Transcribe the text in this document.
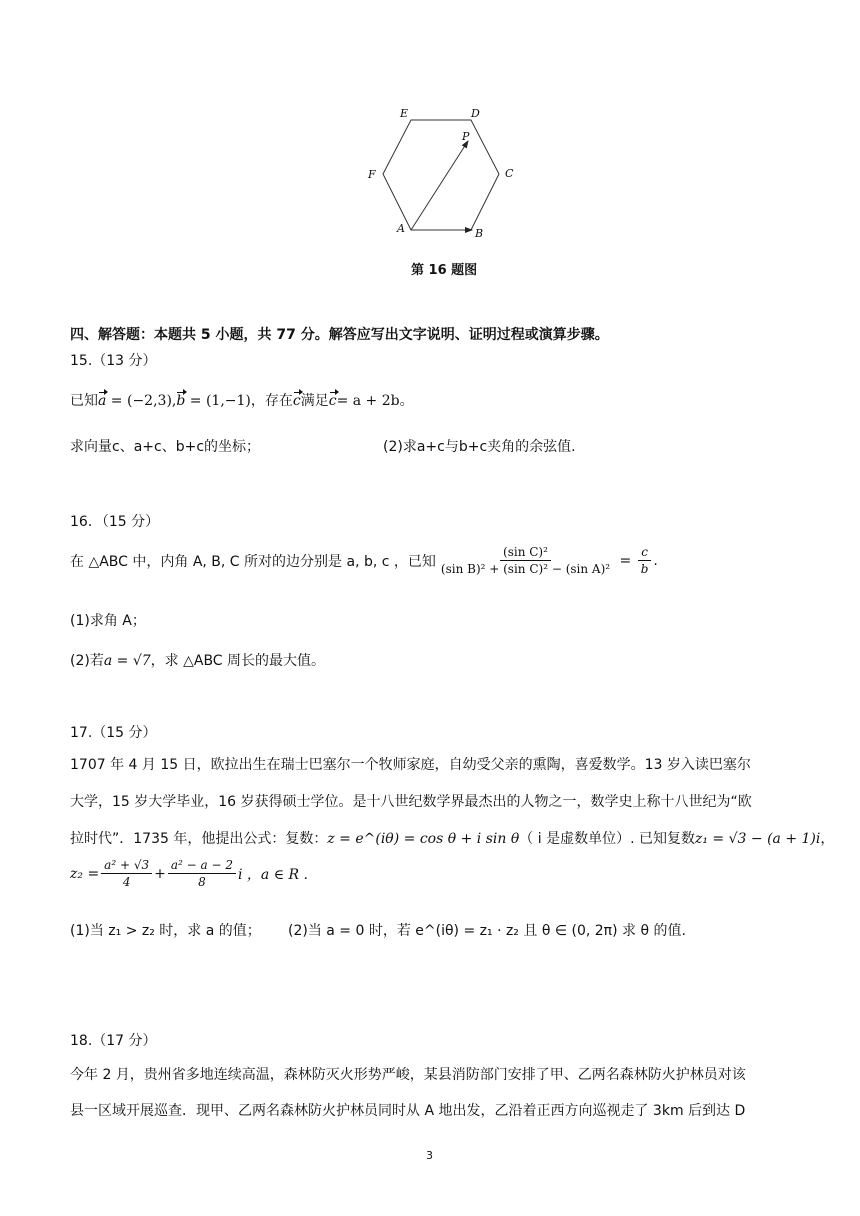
A	B
C
D
E
F
P
第 16 题图
四、解答题：本题共 5 小题，共 77 分。解答应写出文字说明、证明过程或演算步骤。
15.（13 分）
已知a = (−2,3),b = (1,−1)，存在c满足c= a + 2b。
求向量c、a+c、b+c的坐标；	(2)求a+c与b+c夹角的余弦值.
16．（15 分）
在 △ABC 中，内角 A, B, C 所对的边分别是 a, b, c ，已知 $\frac{\text{(sin C)²}}{\text{(sin B)² + (sin C)² − (sin A)²}} = \frac{c}{b}$ .
(1)求角 A；
(2)若a = √7，求 △ABC 周长的最大值。
17.（15 分）
1707 年 4 月 15 日，欧拉出生在瑞士巴塞尔一个牧师家庭，自幼受父亲的熏陶，喜爱数学。13 岁入读巴塞尔
大学，15 岁大学毕业，16 岁获得硕士学位。是十八世纪数学界最杰出的人物之一，数学史上称十八世纪为“欧
拉时代”．1735 年，他提出公式：复数：z = e^(iθ) = cos θ + i sin θ（ i 是虚数单位）. 已知复数z₁ = √3 − (a + 1)i，
$z_2 = \frac{\text{a² + √3}}{4} + \frac{\text{a² − a − 2}}{8}$ i ，a ∈ R .
(1)当 z₁ > z₂ 时，求 a 的值； (2)当 a = 0 时，若 e^(iθ) = z₁ · z₂ 且 θ ∈ (0, 2π) 求 θ 的值.
18.（17 分）
今年 2 月，贵州省多地连续高温，森林防灭火形势严峻，某县消防部门安排了甲、乙两名森林防火护林员对该
县一区域开展巡查．现甲、乙两名森林防火护林员同时从 A 地出发，乙沿着正西方向巡视走了 3km 后到达 D
3
